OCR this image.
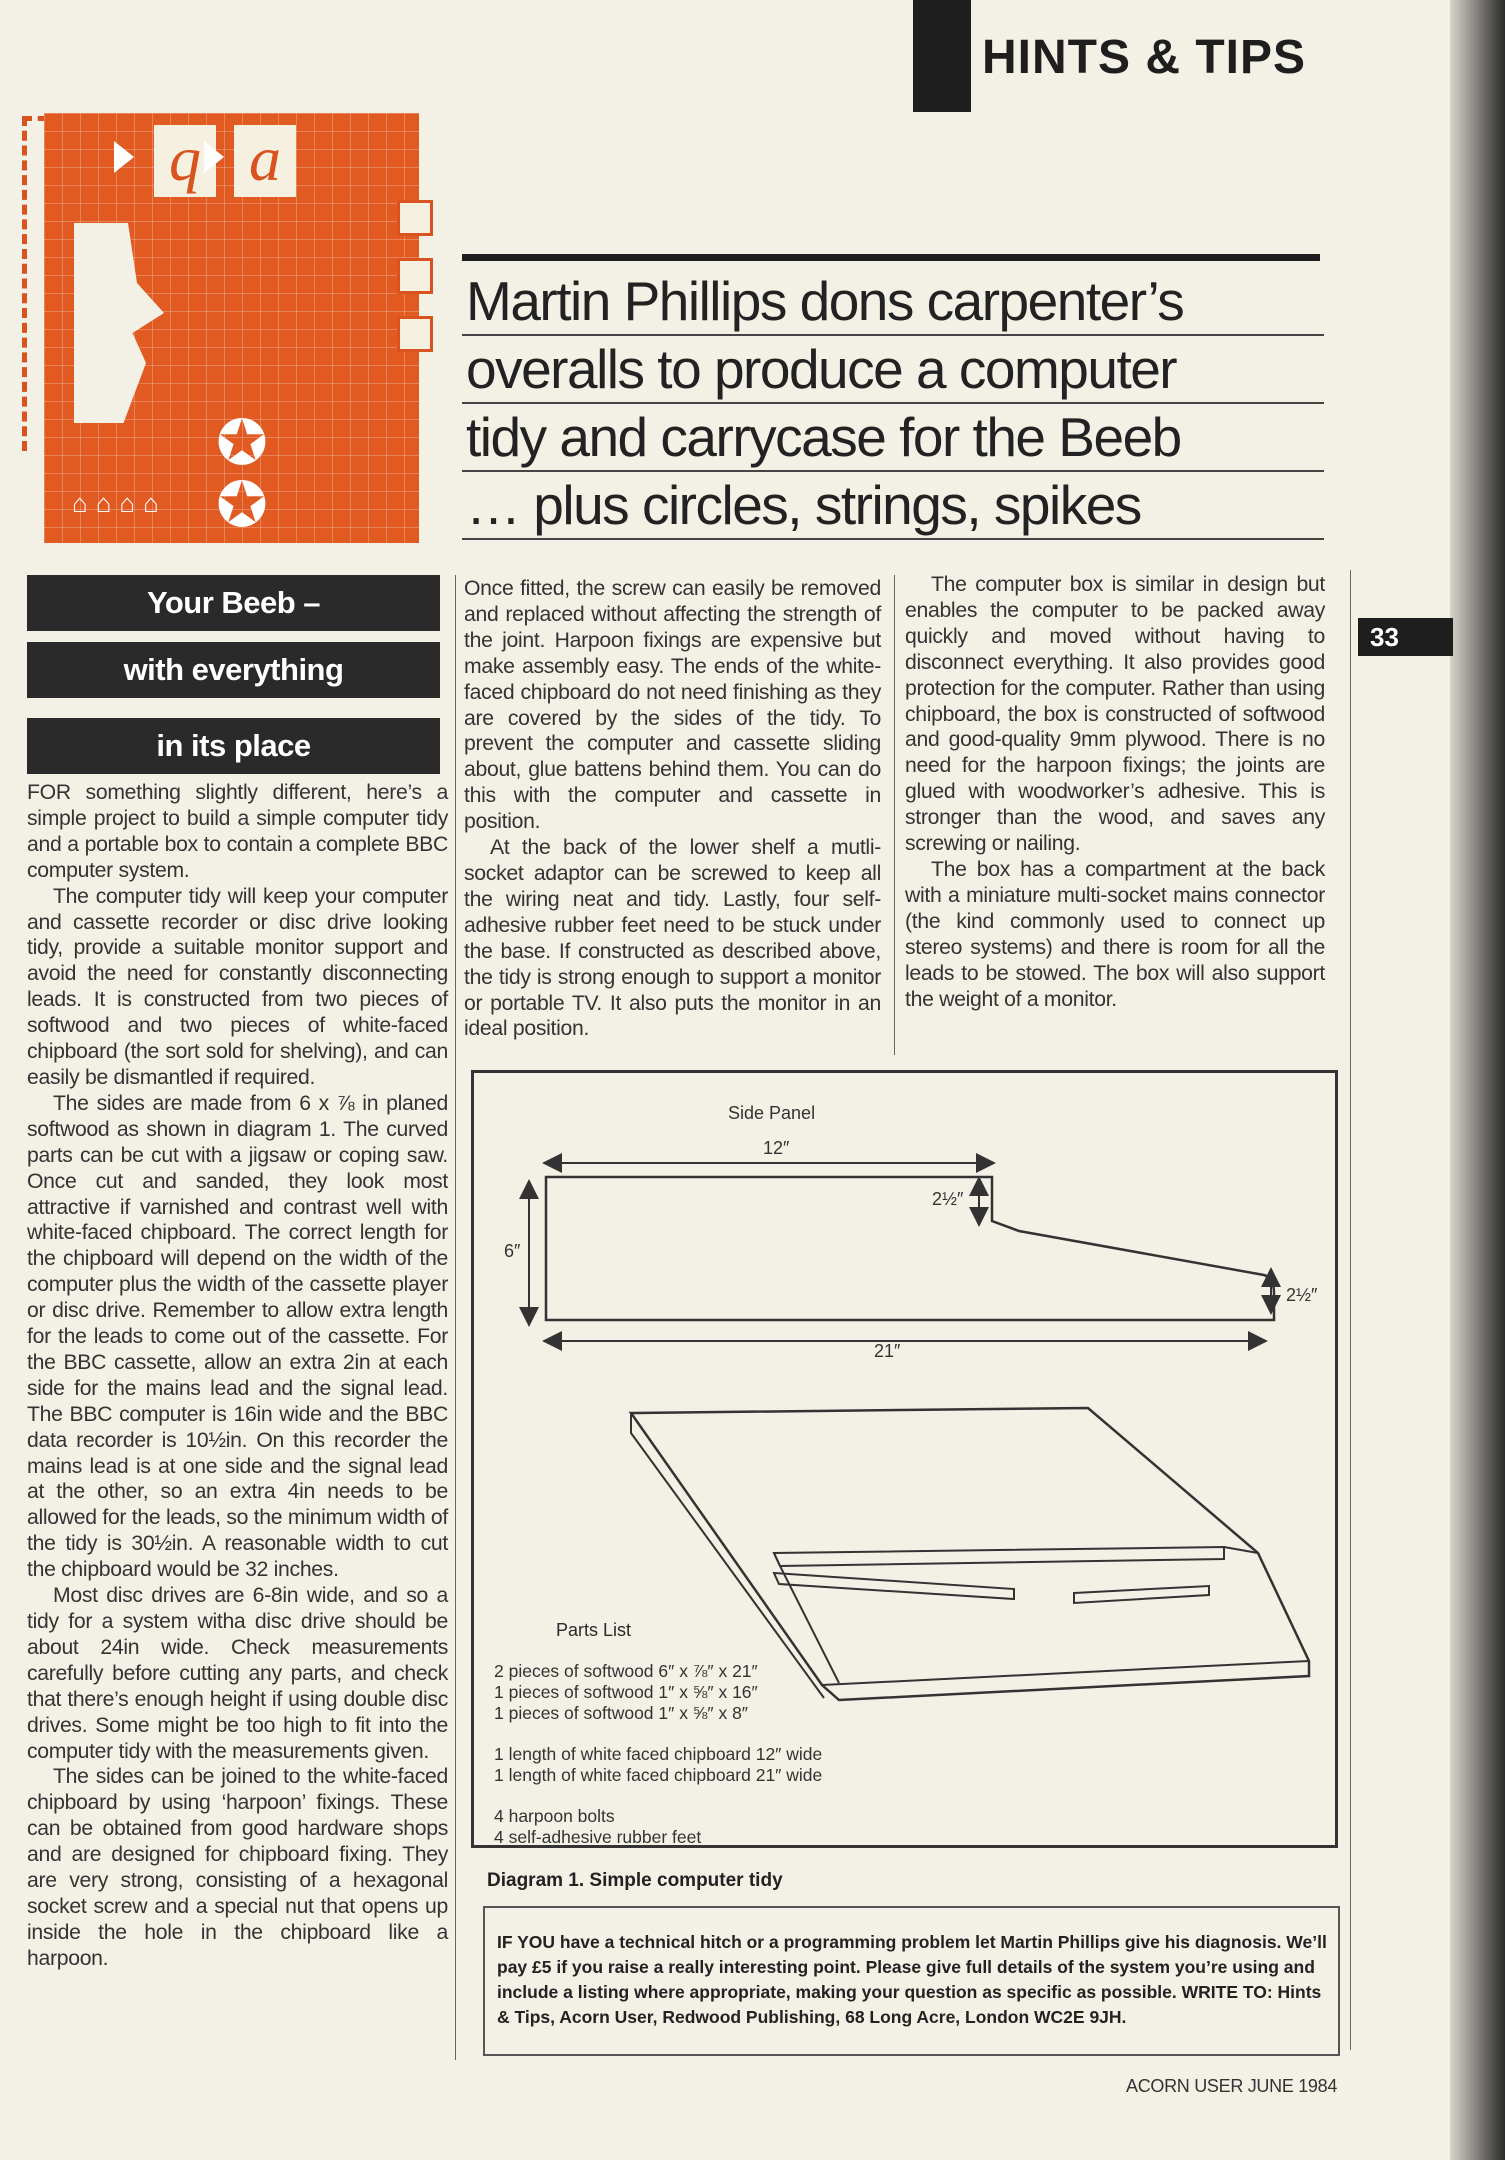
HINTS & TIPS
33
q a
✪
✪
⌂⌂⌂⌂
Martin Phillips dons carpenter’s
overalls to produce a computer
tidy and carrycase for the Beeb
… plus circles, strings, spikes
Your Beeb –
with everything
in its place

FOR something slightly different, here’s a simple project to build a simple computer tidy and a portable box to contain a complete BBC computer system.

The computer tidy will keep your computer and cassette recorder or disc drive looking tidy, provide a suitable monitor support and avoid the need for constantly disconnecting leads. It is constructed from two pieces of softwood and two pieces of white-faced chipboard (the sort sold for shelving), and can easily be dismantled if required.

The sides are made from 6 x ⅞ in planed softwood as shown in diagram 1. The curved parts can be cut with a jigsaw or coping saw. Once cut and sanded, they look most attractive if varnished and contrast well with white-faced chipboard. The correct length for the chipboard will depend on the width of the computer plus the width of the cassette player or disc drive. Remember to allow extra length for the leads to come out of the cassette. For the BBC cassette, allow an extra 2in at each side for the mains lead and the signal lead. The BBC computer is 16in wide and the BBC data recorder is 10½in. On this recorder the mains lead is at one side and the signal lead at the other, so an extra 4in needs to be allowed for the leads, so the minimum width of the tidy is 30½in. A reasonable width to cut the chipboard would be 32 inches.

Most disc drives are 6-8in wide, and so a tidy for a system witha disc drive should be about 24in wide. Check measurements carefully before cutting any parts, and check that there’s enough height if using double disc drives. Some might be too high to fit into the computer tidy with the measurements given.

The sides can be joined to the white-faced chipboard by using ‘harpoon’ fixings. These can be obtained from good hardware shops and are designed for chipboard fixing. They are very strong, consisting of a hexagonal socket screw and a special nut that opens up inside the hole in the chipboard like a harpoon.

Once fitted, the screw can easily be removed and replaced without affecting the strength of the joint. Harpoon fixings are expensive but make assembly easy. The ends of the white-faced chipboard do not need finishing as they are covered by the sides of the tidy. To prevent the computer and cassette sliding about, glue battens behind them. You can do this with the computer and cassette in position.

At the back of the lower shelf a mutli-socket adaptor can be screwed to keep all the wiring neat and tidy. Lastly, four self-adhesive rubber feet need to be stuck under the base. If constructed as described above, the tidy is strong enough to support a monitor or portable TV. It also puts the monitor in an ideal position.

The computer box is similar in design but enables the computer to be packed away quickly and moved without having to disconnect everything. It also provides good protection for the computer. Rather than using chipboard, the box is constructed of softwood and good-quality 9mm plywood. There is no need for the harpoon fixings; the joints are glued with woodworker’s adhesive. This is stronger than the wood, and saves any screwing or nailing.

The box has a compartment at the back with a miniature multi-socket mains connector (the kind commonly used to connect up stereo systems) and there is room for all the leads to be stowed. The box will also support the weight of a monitor.

Side Panel
12″
6″
2½″
2½″
21″
Parts List
2 pieces of softwood 6″ x ⅞″ x 21″
1 pieces of softwood 1″ x ⅝″ x 16″
1 pieces of softwood 1″ x ⅝″ x 8″
1 length of white faced chipboard 12″ wide
1 length of white faced chipboard 21″ wide
4 harpoon bolts
4 self-adhesive rubber feet
Diagram 1. Simple computer tidy
IF YOU have a technical hitch or a programming problem let Martin Phillips give his diagnosis. We’ll pay £5 if you raise a really interesting point. Please give full details of the system you’re using and include a listing where appropriate, making your question as specific as possible. WRITE TO: Hints & Tips, Acorn User, Redwood Publishing, 68 Long Acre, London WC2E 9JH.
ACORN USER JUNE 1984
